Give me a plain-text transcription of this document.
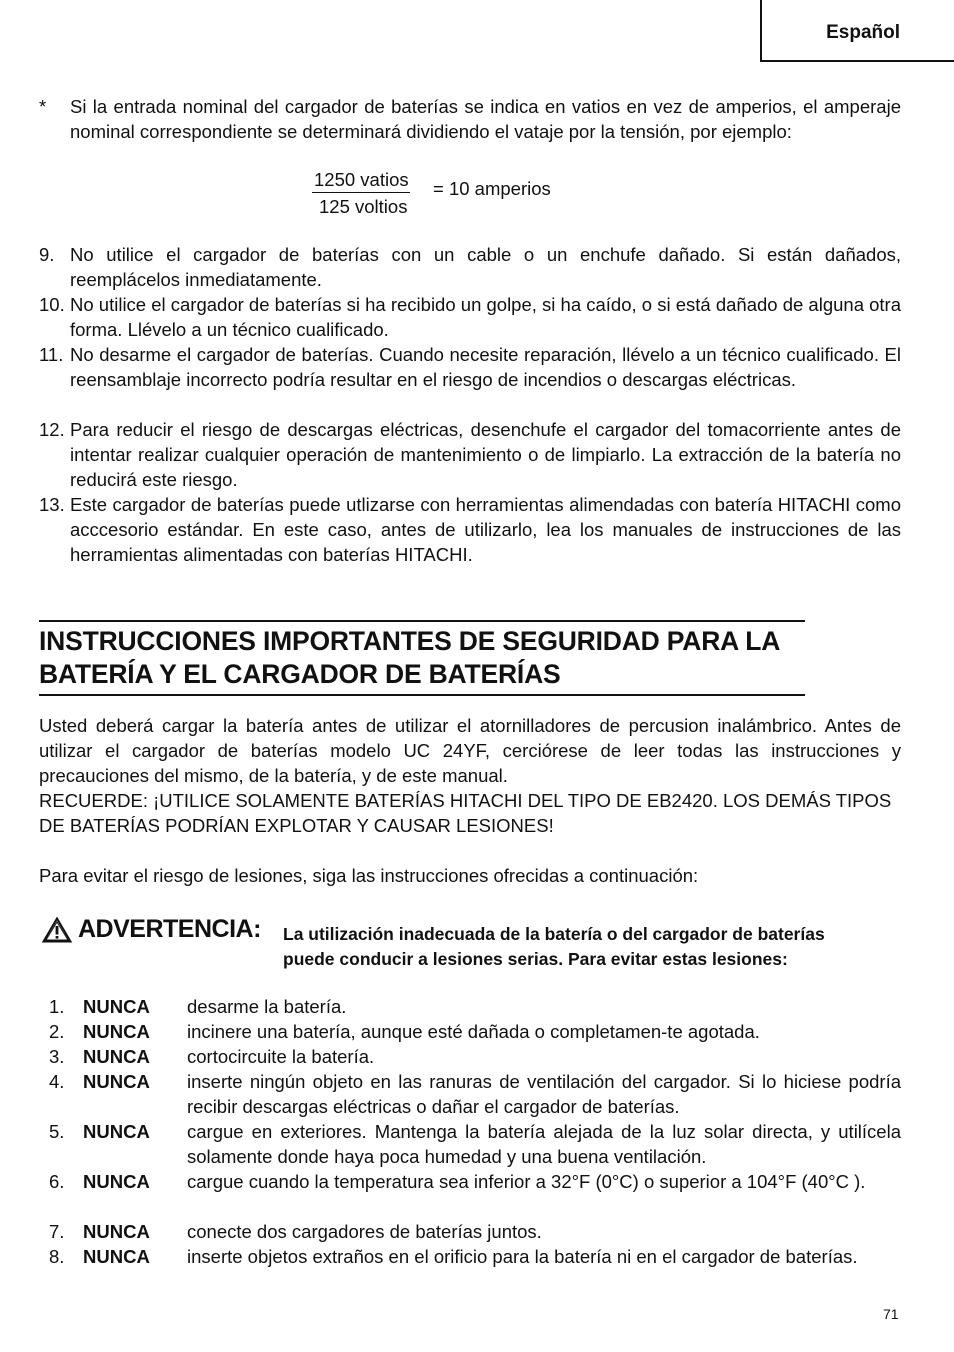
Español
* Si la entrada nominal del cargador de baterías se indica en vatios en vez de amperios, el amperaje nominal correspondiente se determinará dividiendo el vataje por la tensión, por ejemplo:
1250 vatios
125 voltios
= 10 amperios
9. No utilice el cargador de baterías con un cable o un enchufe dañado. Si están dañados, reemplácelos inmediatamente.
10. No utilice el cargador de baterías si ha recibido un golpe, si ha caído, o si está dañado de alguna otra forma. Llévelo a un técnico cualificado.
11. No desarme el cargador de baterías. Cuando necesite reparación, llévelo a un técnico cualificado. El reensamblaje incorrecto podría resultar en el riesgo de incendios o descargas eléctricas.
12. Para reducir el riesgo de descargas eléctricas, desenchufe el cargador del tomacorriente antes de intentar realizar cualquier operación de mantenimiento o de limpiarlo. La extracción de la batería no reducirá este riesgo.
13. Este cargador de baterías puede utlizarse con herramientas alimendadas con batería HITACHI como acccesorio estándar. En este caso, antes de utilizarlo, lea los manuales de instrucciones de las herramientas alimentadas con baterías HITACHI.
INSTRUCCIONES IMPORTANTES DE SEGURIDAD PARA LA
BATERÍA Y EL CARGADOR DE BATERÍAS

Usted deberá cargar la batería antes de utilizar el atornilladores de percusion inalámbrico. Antes de utilizar el cargador de baterías modelo UC 24YF, cerciórese de leer todas las instrucciones y precauciones del mismo, de la batería, y de este manual.

RECUERDE: ¡UTILICE SOLAMENTE BATERÍAS HITACHI DEL TIPO DE EB2420. LOS DEMÁS TIPOS DE BATERÍAS PODRÍAN EXPLOTAR Y CAUSAR LESIONES!

Para evitar el riesgo de lesiones, siga las instrucciones ofrecidas a continuación:

ADVERTENCIA: La utilización inadecuada de la batería o del cargador de baterías
puede conducir a lesiones serias. Para evitar estas lesiones:
1. NUNCA desarme la batería.
2. NUNCA incinere una batería, aunque esté dañada o completamen-te agotada.
3. NUNCA cortocircuite la batería.
4. NUNCA inserte ningún objeto en las ranuras de ventilación del cargador. Si lo hiciese podría recibir descargas eléctricas o dañar el cargador de baterías.
5. NUNCA cargue en exteriores. Mantenga la batería alejada de la luz solar directa, y utilícela solamente donde haya poca humedad y una buena ventilación.
6. NUNCA cargue cuando la temperatura sea inferior a 32°F (0°C) o superior a 104°F (40°C ).
7. NUNCA conecte dos cargadores de baterías juntos.
8. NUNCA inserte objetos extraños en el orificio para la batería ni en el cargador de baterías.
71
